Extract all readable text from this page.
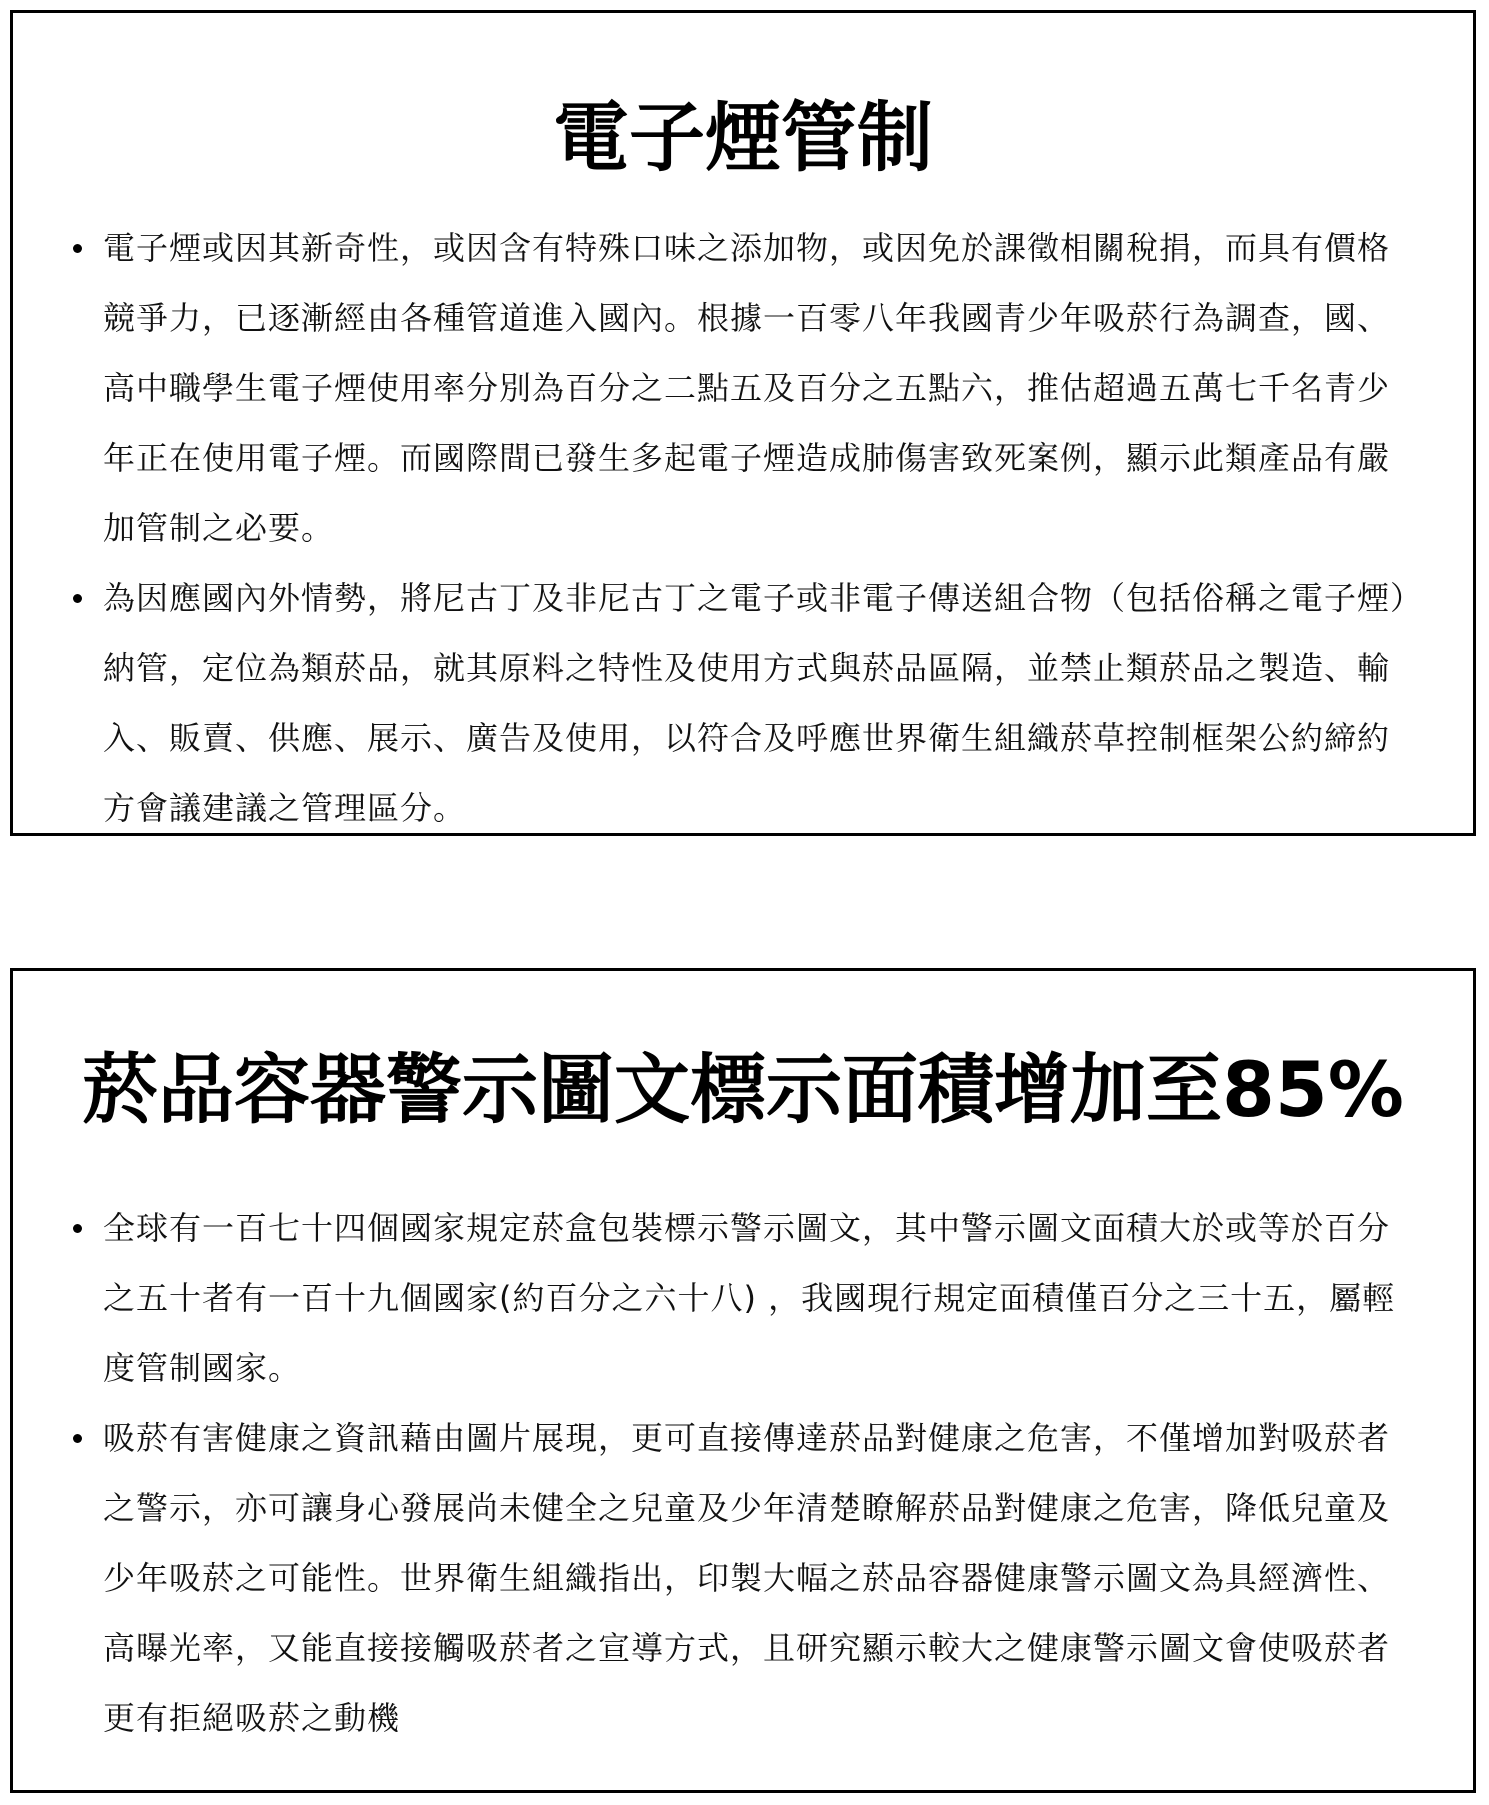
電子煙管制
電子煙或因其新奇性，或因含有特殊口味之添加物，或因免於課徵相關稅捐，而具有價格競爭力，已逐漸經由各種管道進入國內。根據一百零八年我國青少年吸菸行為調查，國、高中職學生電子煙使用率分別為百分之二點五及百分之五點六，推估超過五萬七千名青少年正在使用電子煙。而國際間已發生多起電子煙造成肺傷害致死案例，顯示此類產品有嚴加管制之必要。
為因應國內外情勢，將尼古丁及非尼古丁之電子或非電子傳送組合物（包括俗稱之電子煙）納管，定位為類菸品，就其原料之特性及使用方式與菸品區隔，並禁止類菸品之製造、輸入、販賣、供應、展示、廣告及使用，以符合及呼應世界衛生組織菸草控制框架公約締約方會議建議之管理區分。
菸品容器警示圖文標示面積增加至85%
全球有一百七十四個國家規定菸盒包裝標示警示圖文，其中警示圖文面積大於或等於百分之五十者有一百十九個國家(約百分之六十八) ，我國現行規定面積僅百分之三十五，屬輕度管制國家。
吸菸有害健康之資訊藉由圖片展現，更可直接傳達菸品對健康之危害，不僅增加對吸菸者之警示，亦可讓身心發展尚未健全之兒童及少年清楚瞭解菸品對健康之危害，降低兒童及少年吸菸之可能性。世界衛生組織指出，印製大幅之菸品容器健康警示圖文為具經濟性、高曝光率，又能直接接觸吸菸者之宣導方式，且研究顯示較大之健康警示圖文會使吸菸者更有拒絕吸菸之動機
